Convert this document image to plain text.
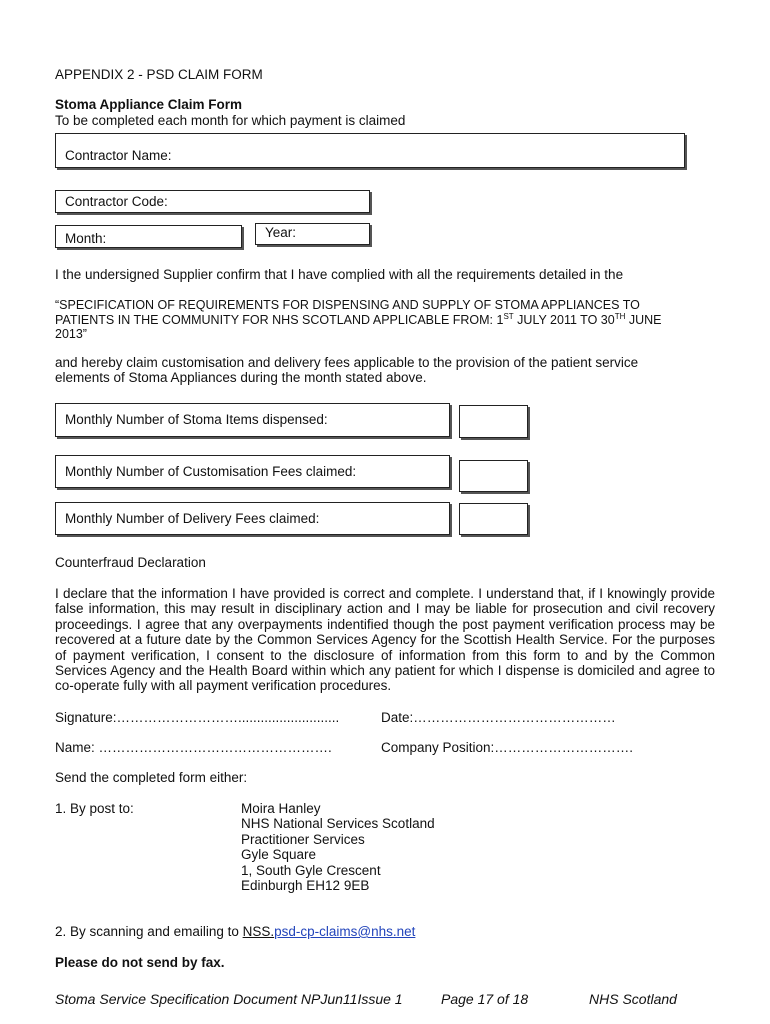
APPENDIX 2 - PSD CLAIM FORM
Stoma Appliance Claim Form
To be completed each month for which payment is claimed
Contractor Name:
Contractor Code:
Month:	Year:
I the undersigned Supplier confirm that I have complied with all the requirements detailed in the
“SPECIFICATION OF REQUIREMENTS FOR DISPENSING AND SUPPLY OF STOMA APPLIANCES TO PATIENTS IN THE COMMUNITY FOR NHS SCOTLAND APPLICABLE FROM: 1ST JULY 2011 TO 30TH JUNE 2013”
and hereby claim customisation and delivery fees applicable to the provision of the patient service elements of Stoma Appliances during the month stated above.
Monthly Number of Stoma Items dispensed:
Monthly Number of Customisation Fees claimed:
Monthly Number of Delivery Fees claimed:
Counterfraud Declaration
I declare that the information I have provided is correct and complete. I understand that, if I knowingly provide false information, this may result in disciplinary action and I may be liable for prosecution and civil recovery proceedings. I agree that any overpayments indentified though the post payment verification process may be recovered at a future date by the Common Services Agency for the Scottish Health Service. For the purposes of payment verification, I consent to the disclosure of information from this form to and by the Common Services Agency and the Health Board within which any patient for which I dispense is domiciled and agree to co-operate fully with all payment verification procedures.
Signature:………………………...........................	Date:………………………………………
Name: …………………………………………….	Company Position:………………………….
Send the completed form either:
1. By post to:	Moira Hanley
NHS National Services Scotland
Practitioner Services
Gyle Square
1, South Gyle Crescent
Edinburgh EH12 9EB
2. By scanning and emailing to NSS.psd-cp-claims@nhs.net
Please do not send by fax.
Stoma Service Specification Document NPJun11Issue 1	Page 17 of 18	NHS Scotland
